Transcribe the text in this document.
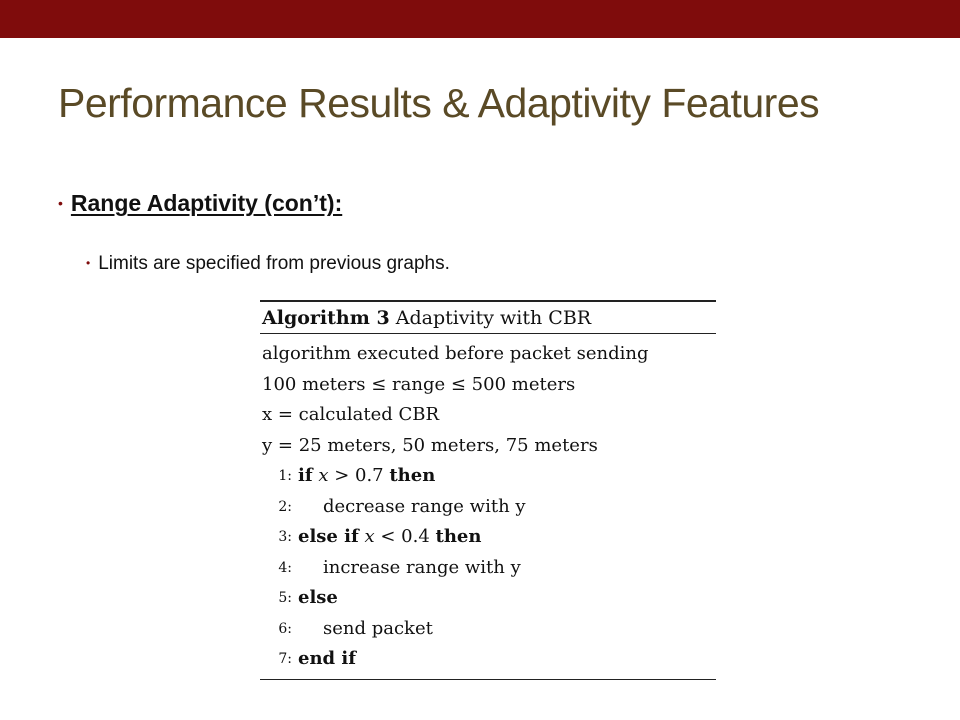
Performance Results & Adaptivity Features
• Range Adaptivity (con’t):
• Limits are specified from previous graphs.
Algorithm 3 Adaptivity with CBR
algorithm executed before packet sending
100 meters ≤ range ≤ 500 meters
x = calculated CBR
y = 25 meters, 50 meters, 75 meters
1: if x > 0.7 then
2:	decrease range with y
3: else if x < 0.4 then
4:	increase range with y
5: else
6:	send packet
7: end if
